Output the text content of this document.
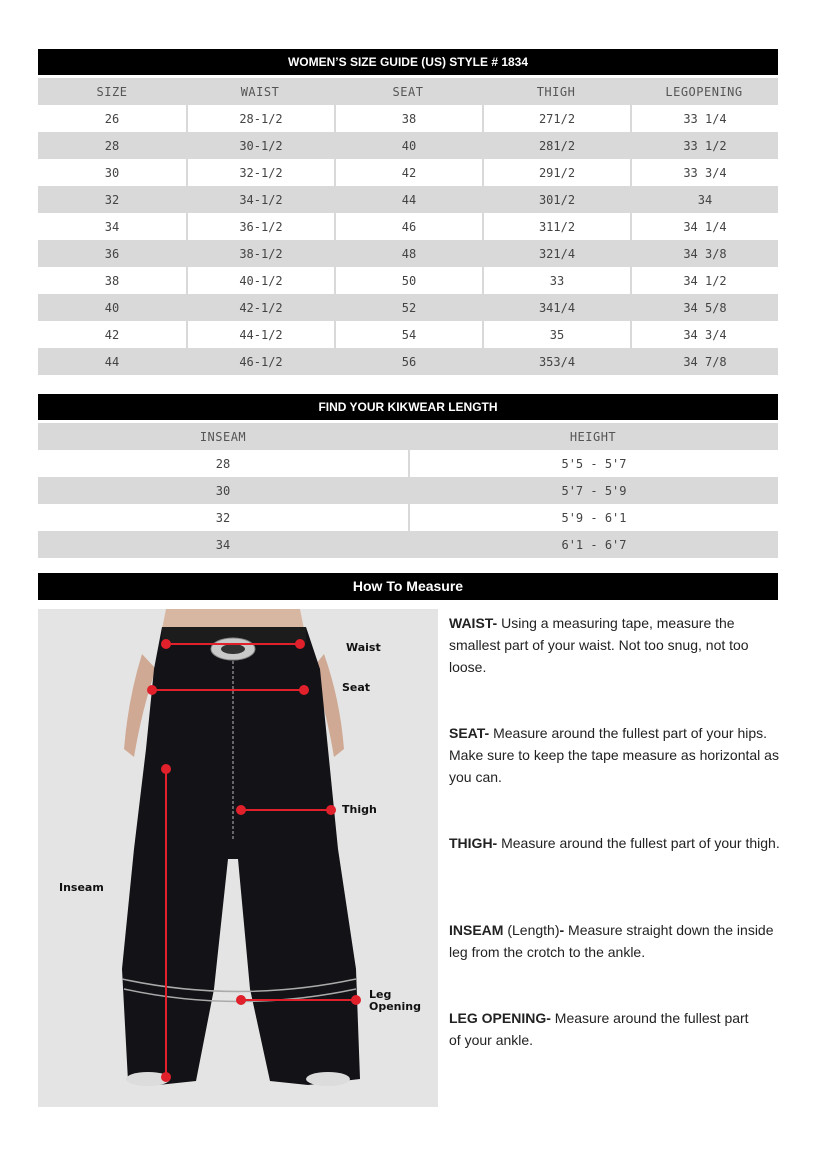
WOMEN’S SIZE GUIDE (US) STYLE # 1834
SIZE	WAIST	SEAT	THIGH	LEGOPENING
26	28-1/2	38	271/2	33 1/4
28	30-1/2	40	281/2	33 1/2
30	32-1/2	42	291/2	33 3/4
32	34-1/2	44	301/2	34
34	36-1/2	46	311/2	34 1/4
36	38-1/2	48	321/4	34 3/8
38	40-1/2	50	33	34 1/2
40	42-1/2	52	341/4	34 5/8
42	44-1/2	54	35	34 3/4
44	46-1/2	56	353/4	34 7/8
FIND YOUR KIKWEAR LENGTH
INSEAM	HEIGHT
28	5'5 - 5'7
30	5'7 - 5'9
32	5'9 - 6'1
34	6'1 - 6'7
How To Measure
Waist
Seat
Thigh
Inseam
Leg
Opening
WAIST- Using a measuring tape, measure the smallest part of your waist. Not too snug, not too loose.
SEAT- Measure around the fullest part of your hips. Make sure to keep the tape measure as horizontal as you can.
THIGH- Measure around the fullest part of your thigh.
INSEAM (Length)- Measure straight down the inside leg from the crotch to the ankle.
LEG OPENING- Measure around the fullest part of your ankle.
